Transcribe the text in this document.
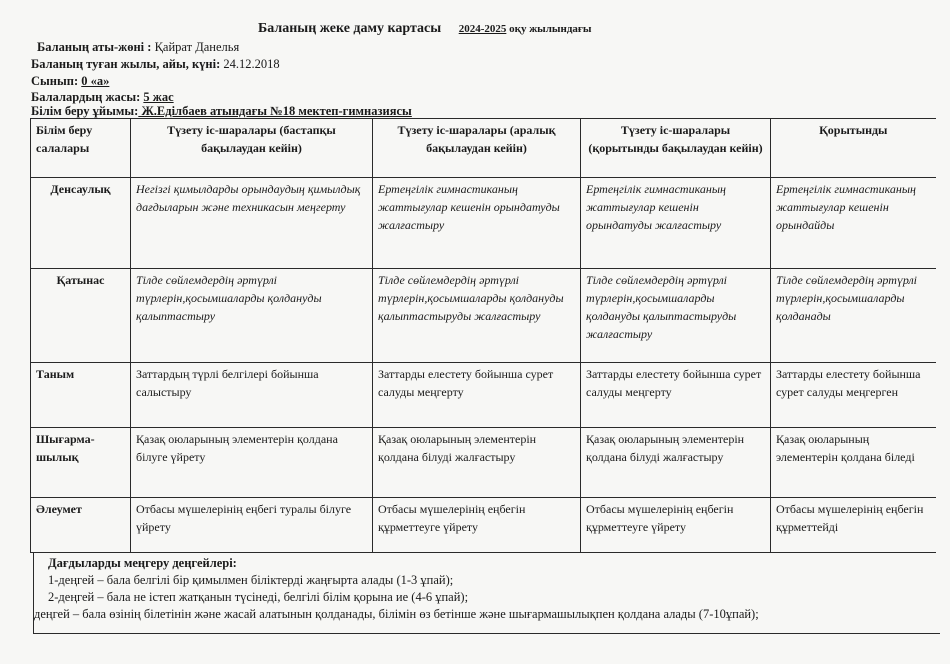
Баланың жеке даму картасы 2024-2025 оқу жылындағы
Баланың аты-жөні : Қайрат Данелья
Баланың туған жылы, айы, күні: 24.12.2018
Сынып: 0 «а»
Балалардың жасы: 5 жас
Білім беру ұйымы: Ж.Еділбаев атындағы №18 мектеп-гимназиясы
Білім беру салалары	Түзету іс-шаралары (бастапқы бақылаудан кейін)	Түзету іс-шаралары (аралық бақылаудан кейін)	Түзету іс-шаралары (қорытынды бақылаудан кейін)	Қорытынды
Денсаулық	Негізгі қимылдарды орындаудың қимылдық дағдыларын және техникасын меңгерту	Ертеңгілік гимнастиканың жаттығулар кешенін орындатуды жалғастыру	Ертеңгілік гимнастиканың жаттығулар кешенін орындатуды жалғастыру	Ертеңгілік гимнастиканың жаттығулар кешенін орындайды
Қатынас	Тілде сөйлемдердің әртүрлі түрлерін,қосымшаларды қолдануды қалыптастыру	Тілде сөйлемдердің әртүрлі түрлерін,қосымшаларды қолдануды қалыптастыруды жалғастыру	Тілде сөйлемдердің әртүрлі түрлерін,қосымшаларды қолдануды қалыптастыруды жалғастыру	Тілде сөйлемдердің әртүрлі түрлерін,қосымшаларды қолданады
Таным	Заттардың түрлі белгілері бойынша салыстыру	Заттарды елестету бойынша сурет салуды меңгерту	Заттарды елестету бойынша сурет салуды меңгерту	Заттарды елестету бойынша сурет салуды меңгерген
Шығарма-шылық	Қазақ оюларының элементерін қолдана білуге үйрету	Қазақ оюларының элементерін қолдана білуді жалғастыру	Қазақ оюларының элементерін қолдана білуді жалғастыру	Қазақ оюларының элементерін қолдана біледі
Әлеумет	Отбасы мүшелерінің еңбегі туралы білуге үйрету	Отбасы мүшелерінің еңбегін құрметтеуге үйрету	Отбасы мүшелерінің еңбегін құрметтеуге үйрету	Отбасы мүшелерінің еңбегін құрметтейді
Дағдыларды меңгеру деңгейлері:
1-деңгей – бала белгілі бір қимылмен біліктерді жаңғырта алады (1-3 ұпай);
2-деңгей – бала не істеп жатқанын түсінеді, белгілі білім қорына ие (4-6 ұпай);
деңгей – бала өзінің білетінін және жасай алатынын қолданады, білімін өз бетінше және шығармашылықпен қолдана алады (7-10ұпай);
